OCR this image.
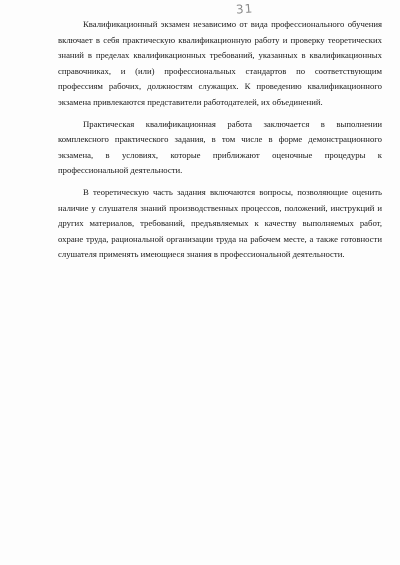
31

Квалификационный экзамен независимо от вида профессионального обучения включает в себя практическую квалификационную работу и проверку теоретических знаний в пределах квалификационных требований, указанных в квалификационных справочниках, и (или) профессиональных стандартов по соответствующим профессиям рабочих, должностям служащих. К проведению квалификационного экзамена привлекаются представители работодателей, их объединений.

Практическая квалификационная работа заключается в выполнении комплексного практического задания, в том числе в форме демонстрационного экзамена, в условиях, которые приближают оценочные процедуры к профессиональной деятельности.

В теоретическую часть задания включаются вопросы, позволяющие оценить наличие у слушателя знаний производственных процессов, положений, инструкций и других материалов, требований, предъявляемых к качеству выполняемых работ, охране труда, рациональной организации труда на рабочем месте, а также готовности слушателя применять имеющиеся знания в профессиональной деятельности.
